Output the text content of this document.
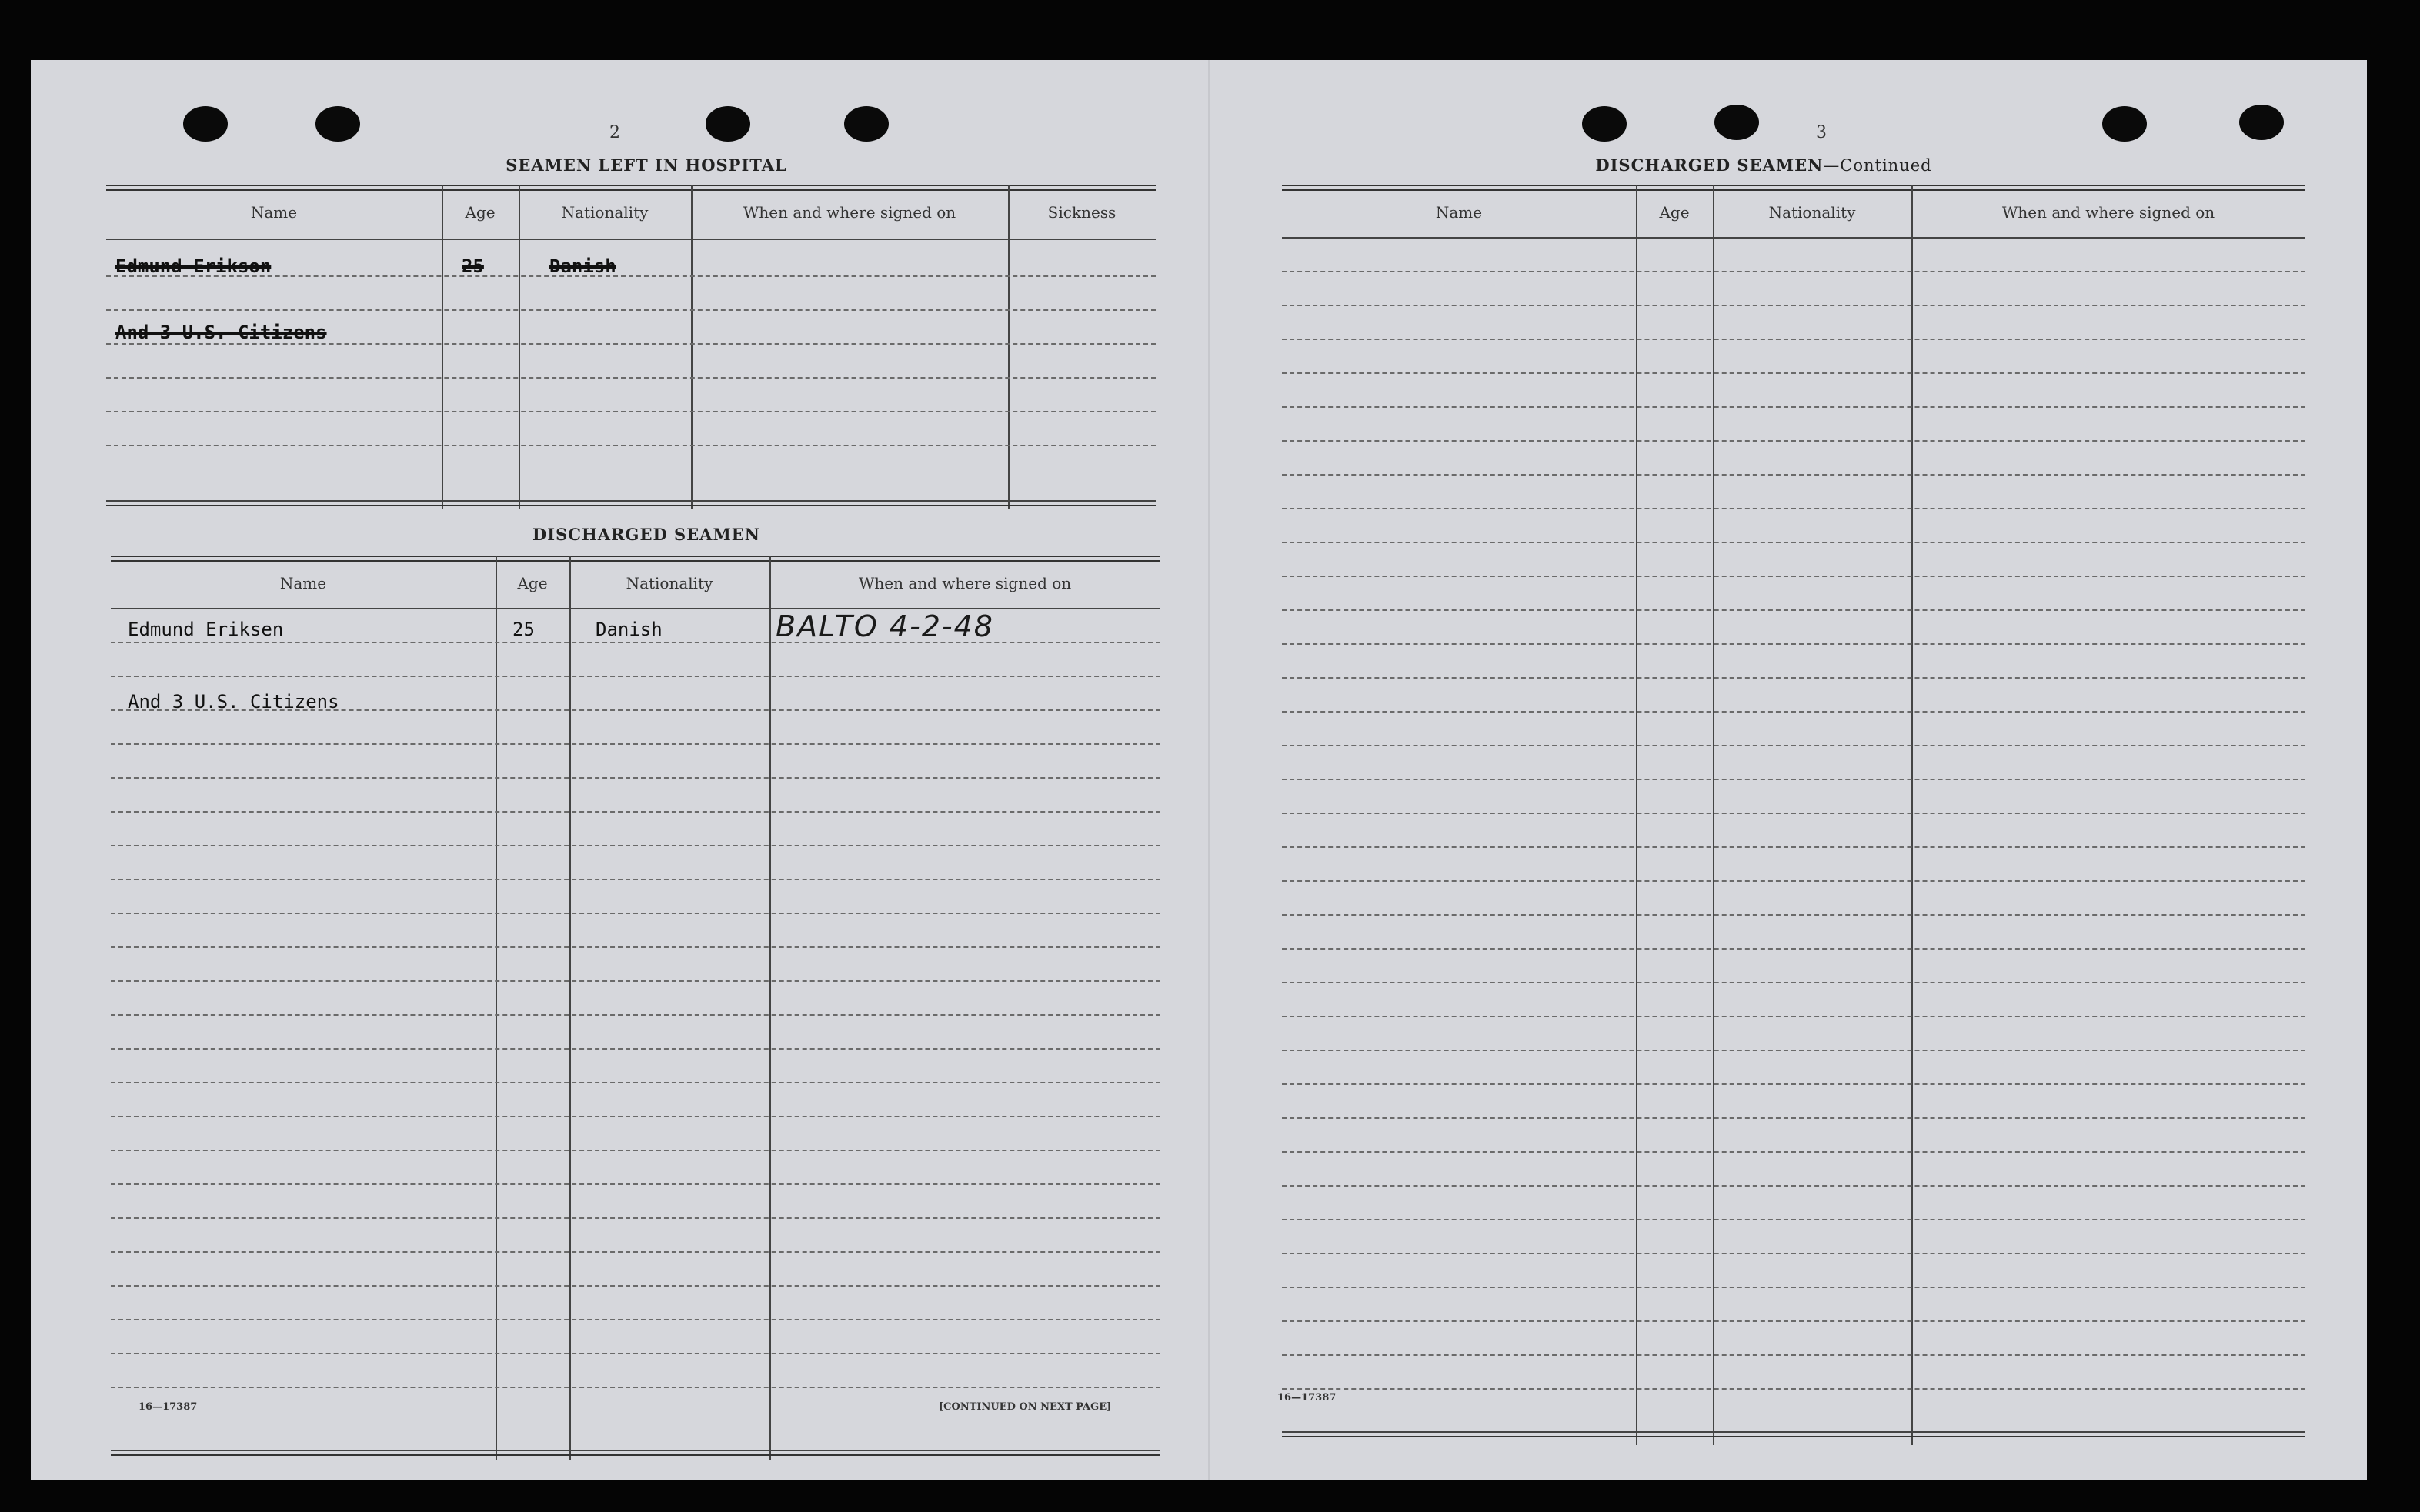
2
SEAMEN LEFT IN HOSPITAL
Name	Age	Nationality	When and where signed on	Sickness
Edmund Erikson	25	Danish
And 3 U.S. Citizens
DISCHARGED SEAMEN
Name	Age	Nationality	When and where signed on
Edmund Eriksen	25	Danish	BALTO 4-2-48
And 3 U.S. Citizens
16—17387	[CONTINUED ON NEXT PAGE]
3
DISCHARGED SEAMEN—Continued
Name	Age	Nationality	When and where signed on
16—17387
